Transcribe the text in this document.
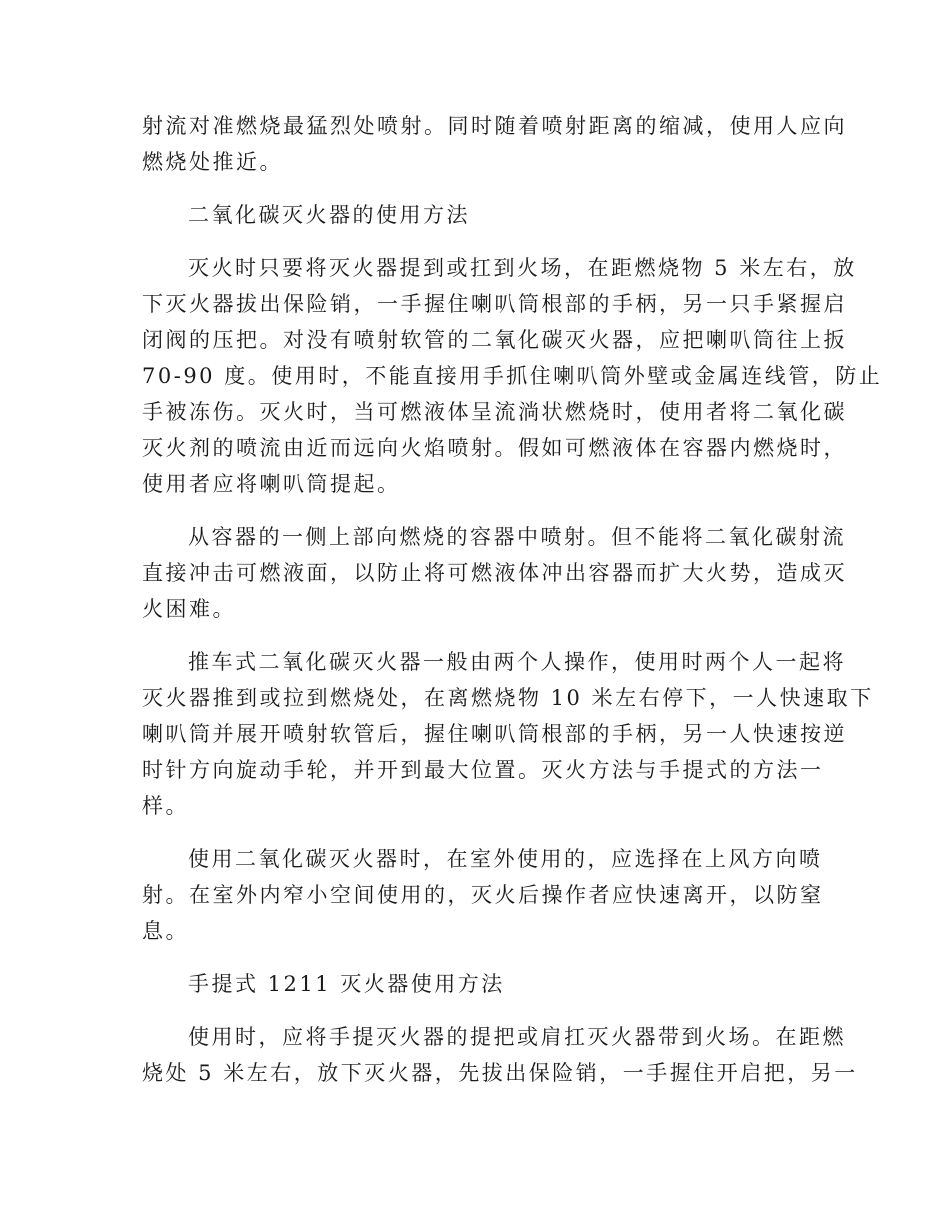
射流对准燃烧最猛烈处喷射。同时随着喷射距离的缩减，使用人应向
燃烧处推近。
二氧化碳灭火器的使用方法
灭火时只要将灭火器提到或扛到火场，在距燃烧物 5 米左右，放
下灭火器拔出保险销，一手握住喇叭筒根部的手柄，另一只手紧握启
闭阀的压把。对没有喷射软管的二氧化碳灭火器，应把喇叭筒往上扳
70-90 度。使用时，不能直接用手抓住喇叭筒外壁或金属连线管，防止
手被冻伤。灭火时，当可燃液体呈流淌状燃烧时，使用者将二氧化碳
灭火剂的喷流由近而远向火焰喷射。假如可燃液体在容器内燃烧时，
使用者应将喇叭筒提起。
从容器的一侧上部向燃烧的容器中喷射。但不能将二氧化碳射流
直接冲击可燃液面，以防止将可燃液体冲出容器而扩大火势，造成灭
火困难。
推车式二氧化碳灭火器一般由两个人操作，使用时两个人一起将
灭火器推到或拉到燃烧处，在离燃烧物 10 米左右停下，一人快速取下
喇叭筒并展开喷射软管后，握住喇叭筒根部的手柄，另一人快速按逆
时针方向旋动手轮，并开到最大位置。灭火方法与手提式的方法一
样。
使用二氧化碳灭火器时，在室外使用的，应选择在上风方向喷
射。在室外内窄小空间使用的，灭火后操作者应快速离开，以防窒
息。
手提式 1211 灭火器使用方法
使用时，应将手提灭火器的提把或肩扛灭火器带到火场。在距燃
烧处 5 米左右，放下灭火器，先拔出保险销，一手握住开启把，另一
